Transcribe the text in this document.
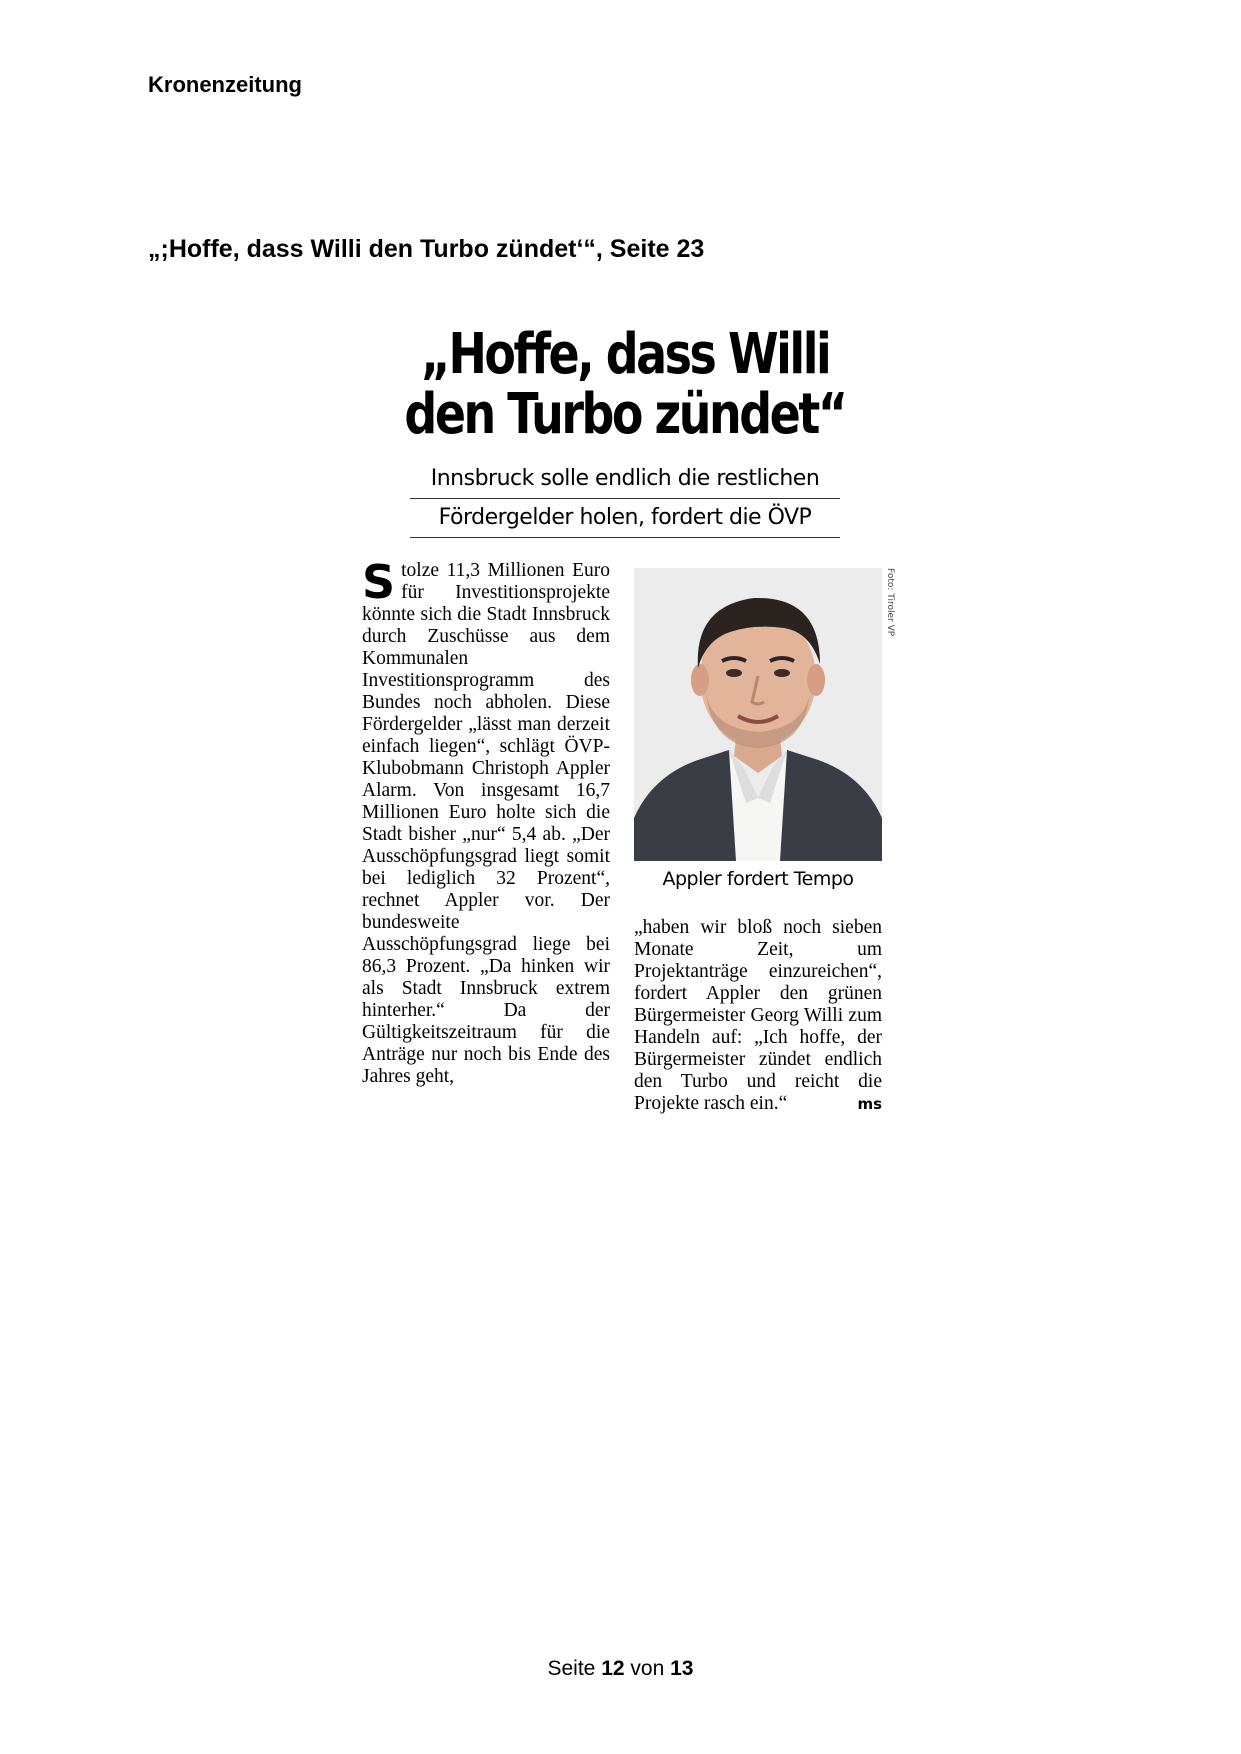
Kronenzeitung
„;Hoffe, dass Willi den Turbo zündet‘“, Seite 23
„Hoffe, dass Willi
den Turbo zündet“
Innsbruck solle endlich die restlichen
Fördergelder holen, fordert die ÖVP
S tolze 11,3 Millionen Euro für Investitionsprojekte könnte sich die Stadt Innsbruck durch Zuschüsse aus dem Kommunalen Investitionsprogramm des Bundes noch abholen. Diese Fördergelder „lässt man derzeit einfach liegen“, schlägt ÖVP-Klubobmann Christoph Appler Alarm. Von insgesamt 16,7 Millionen Euro holte sich die Stadt bisher „nur“ 5,4 ab. „Der Ausschöpfungsgrad liegt somit bei lediglich 32 Prozent“, rechnet Appler vor. Der bundesweite Ausschöpfungsgrad liege bei 86,3 Prozent. „Da hinken wir als Stadt Innsbruck extrem hinterher.“ Da der Gültigkeitszeitraum für die Anträge nur noch bis Ende des Jahres geht,
Foto: Tiroler VP
Appler fordert Tempo
„haben wir bloß noch sieben Monate Zeit, um Projektanträge einzureichen“, fordert Appler den grünen Bürgermeister Georg Willi zum Handeln auf: „Ich hoffe, der Bürgermeister zündet endlich den Turbo und reicht die Projekte rasch ein.“	ms
Seite 12 von 13
